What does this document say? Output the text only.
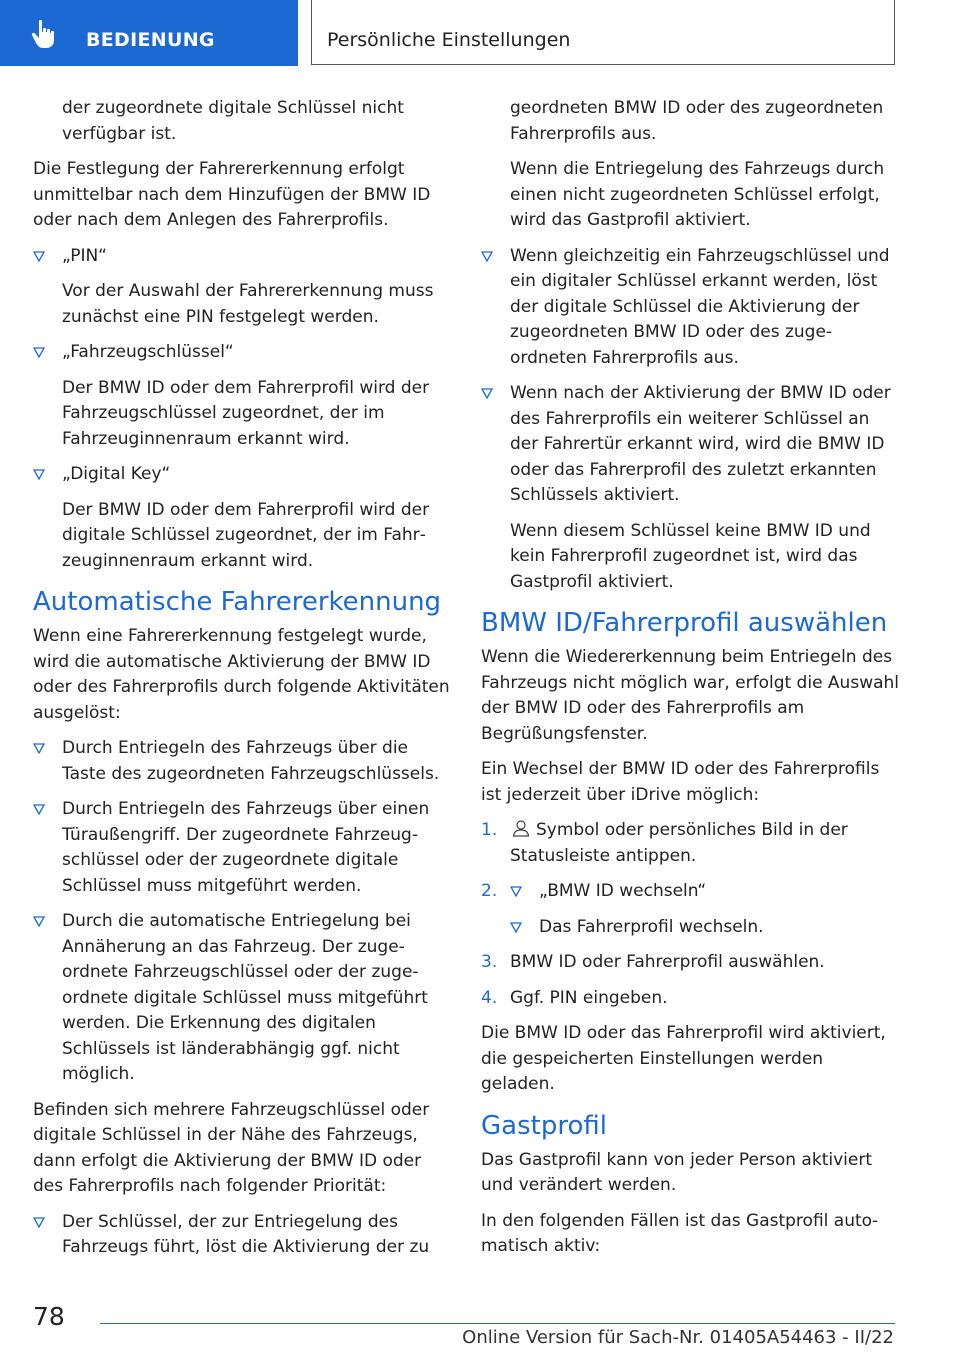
BEDIENUNG	Persönliche Einstellungen

der zugeordnete digitale Schlüssel nicht verfügbar ist.

Die Festlegung der Fahrererkennung erfolgt unmittelbar nach dem Hinzufügen der BMW ID oder nach dem Anlegen des Fahrerprofils.

„PIN“

Vor der Auswahl der Fahrererkennung muss zunächst eine PIN festgelegt werden.

„Fahrzeugschlüssel“

Der BMW ID oder dem Fahrerprofil wird der Fahrzeugschlüssel zugeordnet, der im Fahrzeuginnenraum erkannt wird.

„Digital Key“

Der BMW ID oder dem Fahrerprofil wird der digitale Schlüssel zugeordnet, der im Fahrzeuginnenraum erkannt wird.

Automatische Fahrererkennung

Wenn eine Fahrererkennung festgelegt wurde, wird die automatische Aktivierung der BMW ID oder des Fahrerprofils durch folgende Aktivitäten ausgelöst:

Durch Entriegeln des Fahrzeugs über die Taste des zugeordneten Fahrzeugschlüssels.

Durch Entriegeln des Fahrzeugs über einen Türaußengriff. Der zugeordnete Fahrzeugschlüssel oder der zugeordnete digitale Schlüssel muss mitgeführt werden.

Durch die automatische Entriegelung bei Annäherung an das Fahrzeug. Der zugeordnete Fahrzeugschlüssel oder der zugeordnete digitale Schlüssel muss mitgeführt werden. Die Erkennung des digitalen Schlüssels ist länderabhängig ggf. nicht möglich.

Befinden sich mehrere Fahrzeugschlüssel oder digitale Schlüssel in der Nähe des Fahrzeugs, dann erfolgt die Aktivierung der BMW ID oder des Fahrerprofils nach folgender Priorität:

Der Schlüssel, der zur Entriegelung des Fahrzeugs führt, löst die Aktivierung der zu

geordneten BMW ID oder des zugeordneten Fahrerprofils aus.

Wenn die Entriegelung des Fahrzeugs durch einen nicht zugeordneten Schlüssel erfolgt, wird das Gastprofil aktiviert.

Wenn gleichzeitig ein Fahrzeugschlüssel und ein digitaler Schlüssel erkannt werden, löst der digitale Schlüssel die Aktivierung der zugeordneten BMW ID oder des zugeordneten Fahrerprofils aus.

Wenn nach der Aktivierung der BMW ID oder des Fahrerprofils ein weiterer Schlüssel an der Fahrertür erkannt wird, wird die BMW ID oder das Fahrerprofil des zuletzt erkannten Schlüssels aktiviert.

Wenn diesem Schlüssel keine BMW ID und kein Fahrerprofil zugeordnet ist, wird das Gastprofil aktiviert.

BMW ID/Fahrerprofil auswählen

Wenn die Wiedererkennung beim Entriegeln des Fahrzeugs nicht möglich war, erfolgt die Auswahl der BMW ID oder des Fahrerprofils am Begrüßungsfenster.

Ein Wechsel der BMW ID oder des Fahrerprofils ist jederzeit über iDrive möglich:

1. Symbol oder persönliches Bild in der Statusleiste antippen.
2.	„BMW ID wechseln“
Das Fahrerprofil wechseln.
3. BMW ID oder Fahrerprofil auswählen.
4. Ggf. PIN eingeben.

Die BMW ID oder das Fahrerprofil wird aktiviert, die gespeicherten Einstellungen werden geladen.

Gastprofil

Das Gastprofil kann von jeder Person aktiviert und verändert werden.

In den folgenden Fällen ist das Gastprofil automatisch aktiv:

78
Online Version für Sach-Nr. 01405A54463 - II/22
